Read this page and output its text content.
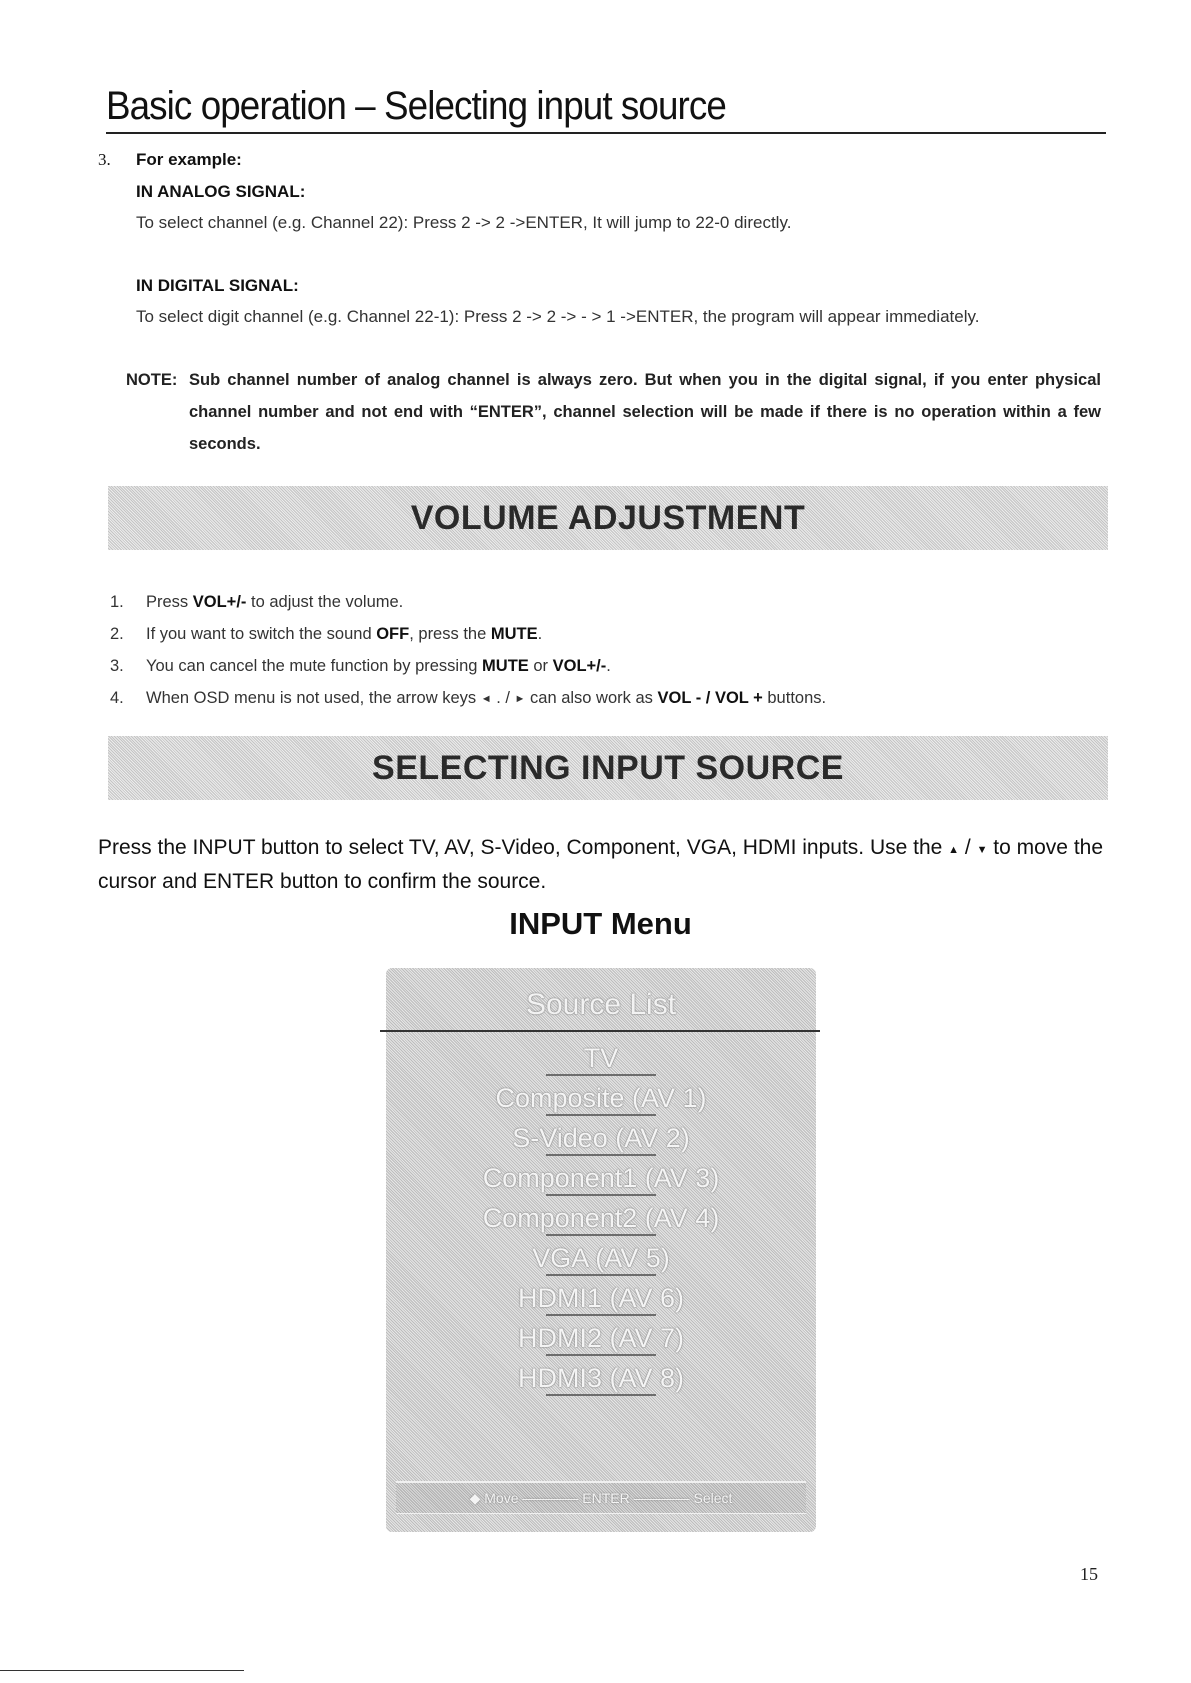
Basic operation – Selecting input source
3. For example:
IN ANALOG SIGNAL:
To select channel (e.g. Channel 22): Press 2 -> 2 ->ENTER, It will jump to 22-0 directly.
IN DIGITAL SIGNAL:
To select digit channel (e.g. Channel 22-1): Press 2 -> 2 -> - > 1 ->ENTER, the program will appear immediately.
NOTE: Sub channel number of analog channel is always zero. But when you in the digital signal, if you enter physical channel number and not end with “ENTER”, channel selection will be made if there is no operation within a few seconds.
VOLUME ADJUSTMENT
1. Press VOL+/- to adjust the volume.
2. If you want to switch the sound OFF, press the MUTE.
3. You can cancel the mute function by pressing MUTE or VOL+/-.
4. When OSD menu is not used, the arrow keys ◄ . / ► can also work as VOL - / VOL + buttons.
SELECTING INPUT SOURCE
Press the INPUT button to select TV, AV, S-Video, Component, VGA, HDMI inputs. Use the ▲ / ▼ to move the cursor and ENTER button to confirm the source.
INPUT Menu
Source List
TV
Composite (AV 1)
S-Video (AV 2)
Component1 (AV 3)
Component2 (AV 4)
VGA (AV 5)
HDMI1 (AV 6)
HDMI2 (AV 7)
HDMI3 (AV 8)
◆ Move ———— ENTER ———— Select
15
